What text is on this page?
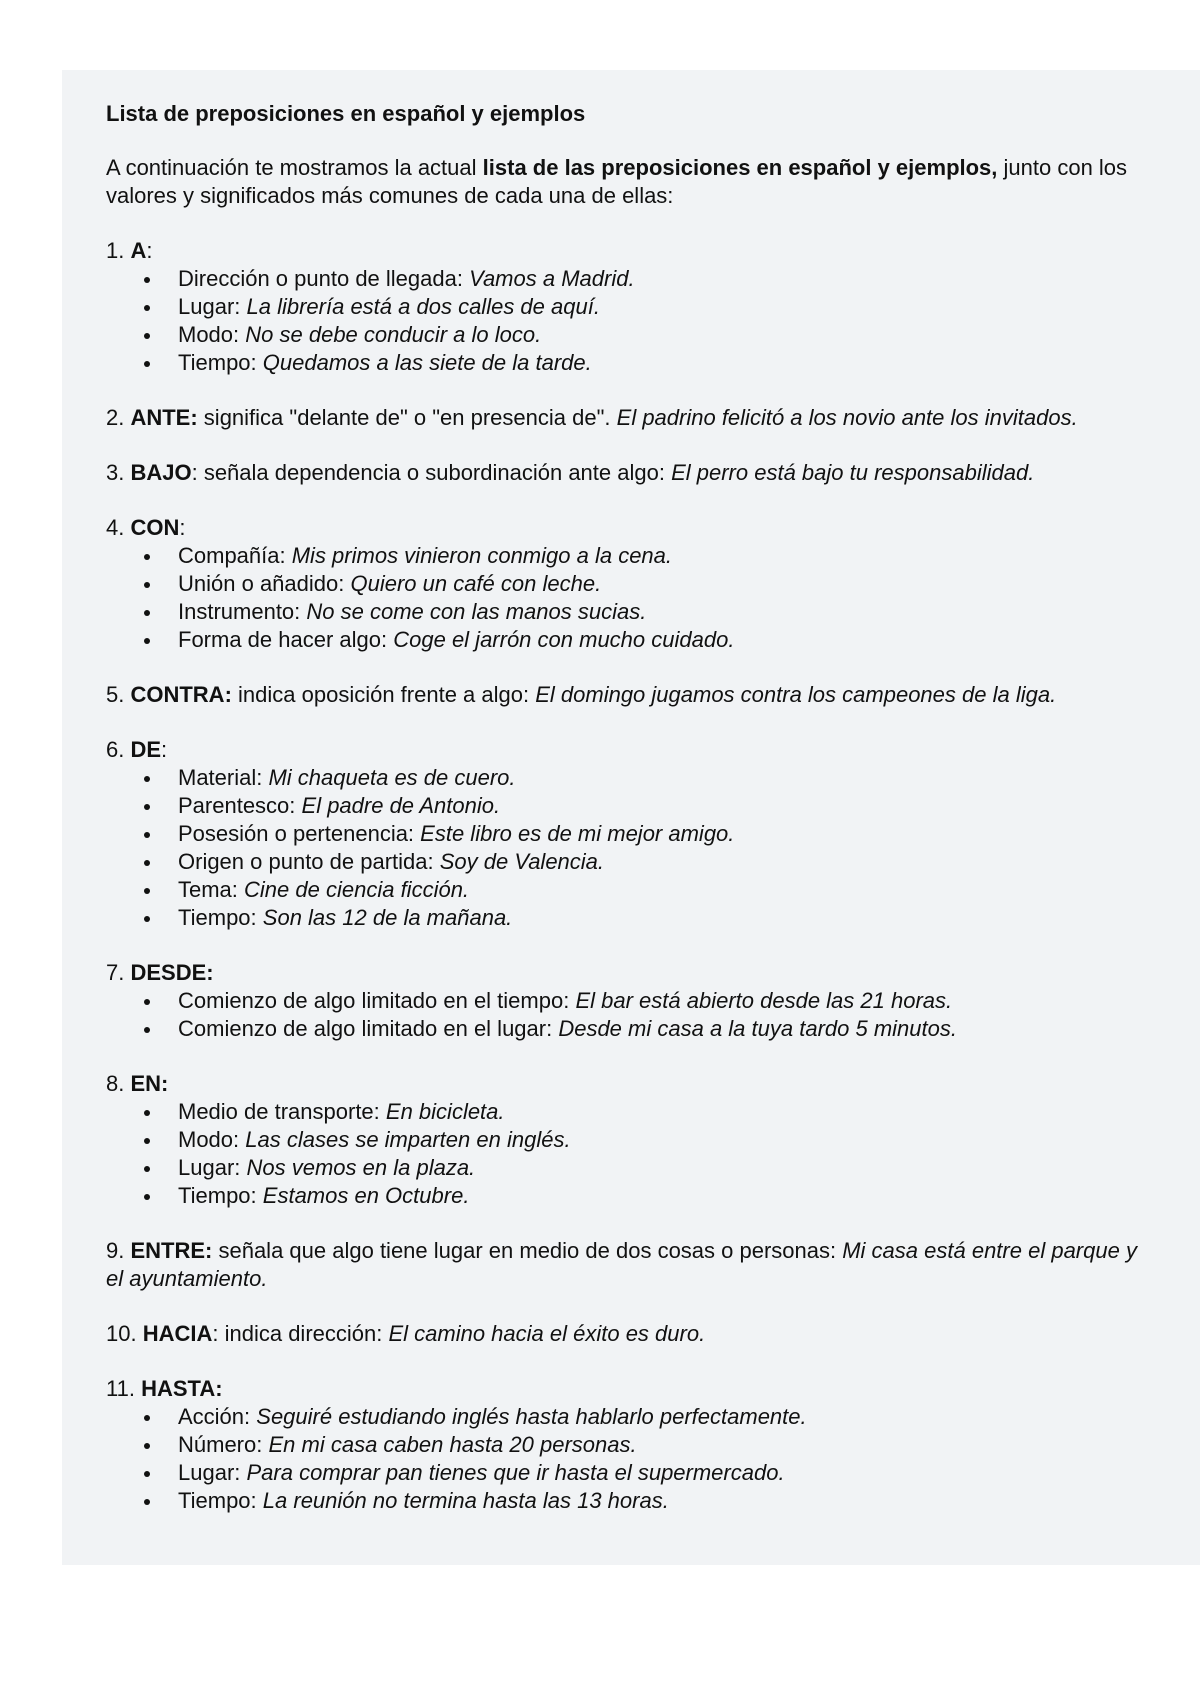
Lista de preposiciones en español y ejemplos
A continuación te mostramos la actual lista de las preposiciones en español y ejemplos, junto con los valores y significados más comunes de cada una de ellas:
1. A:
Dirección o punto de llegada: Vamos a Madrid.
Lugar: La librería está a dos calles de aquí.
Modo: No se debe conducir a lo loco.
Tiempo: Quedamos a las siete de la tarde.
2. ANTE: significa "delante de" o "en presencia de". El padrino felicitó a los novio ante los invitados.
3. BAJO: señala dependencia o subordinación ante algo: El perro está bajo tu responsabilidad.
4. CON:
Compañía: Mis primos vinieron conmigo a la cena.
Unión o añadido: Quiero un café con leche.
Instrumento: No se come con las manos sucias.
Forma de hacer algo: Coge el jarrón con mucho cuidado.
5. CONTRA: indica oposición frente a algo: El domingo jugamos contra los campeones de la liga.
6. DE:
Material: Mi chaqueta es de cuero.
Parentesco: El padre de Antonio.
Posesión o pertenencia: Este libro es de mi mejor amigo.
Origen o punto de partida: Soy de Valencia.
Tema: Cine de ciencia ficción.
Tiempo: Son las 12 de la mañana.
7. DESDE:
Comienzo de algo limitado en el tiempo: El bar está abierto desde las 21 horas.
Comienzo de algo limitado en el lugar: Desde mi casa a la tuya tardo 5 minutos.
8. EN:
Medio de transporte: En bicicleta.
Modo: Las clases se imparten en inglés.
Lugar: Nos vemos en la plaza.
Tiempo: Estamos en Octubre.
9. ENTRE: señala que algo tiene lugar en medio de dos cosas o personas: Mi casa está entre el parque y el ayuntamiento.
10. HACIA: indica dirección: El camino hacia el éxito es duro.
11. HASTA:
Acción: Seguiré estudiando inglés hasta hablarlo perfectamente.
Número: En mi casa caben hasta 20 personas.
Lugar: Para comprar pan tienes que ir hasta el supermercado.
Tiempo: La reunión no termina hasta las 13 horas.
